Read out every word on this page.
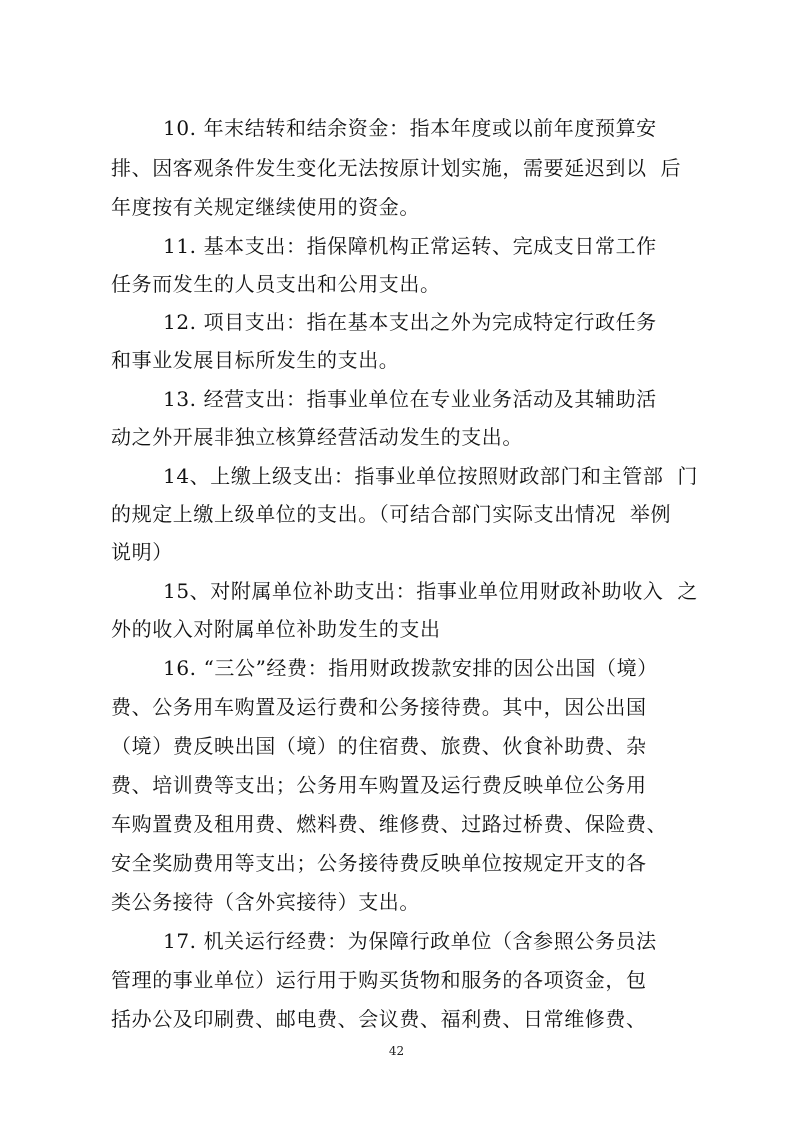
10. 年末结转和结余资金：指本年度或以前年度预算安
排、因客观条件发生变化无法按原计划实施，需要延迟到以  后
年度按有关规定继续使用的资金。
11. 基本支出：指保障机构正常运转、完成支日常工作
任务而发生的人员支出和公用支出。
12. 项目支出：指在基本支出之外为完成特定行政任务
和事业发展目标所发生的支出。
13. 经营支出：指事业单位在专业业务活动及其辅助活
动之外开展非独立核算经营活动发生的支出。
14、上缴上级支出：指事业单位按照财政部门和主管部  门
的规定上缴上级单位的支出。（可结合部门实际支出情况  举例
说明）
15、对附属单位补助支出：指事业单位用财政补助收入  之
外的收入对附属单位补助发生的支出
16. “三公”经费：指用财政拨款安排的因公出国（境）
费、公务用车购置及运行费和公务接待费。其中，因公出国
（境）费反映出国（境）的住宿费、旅费、伙食补助费、杂
费、培训费等支出；公务用车购置及运行费反映单位公务用
车购置费及租用费、燃料费、维修费、过路过桥费、保险费、
安全奖励费用等支出；公务接待费反映单位按规定开支的各
类公务接待（含外宾接待）支出。
17. 机关运行经费：为保障行政单位（含参照公务员法
管理的事业单位）运行用于购买货物和服务的各项资金，包
括办公及印刷费、邮电费、会议费、福利费、日常维修费、
42
